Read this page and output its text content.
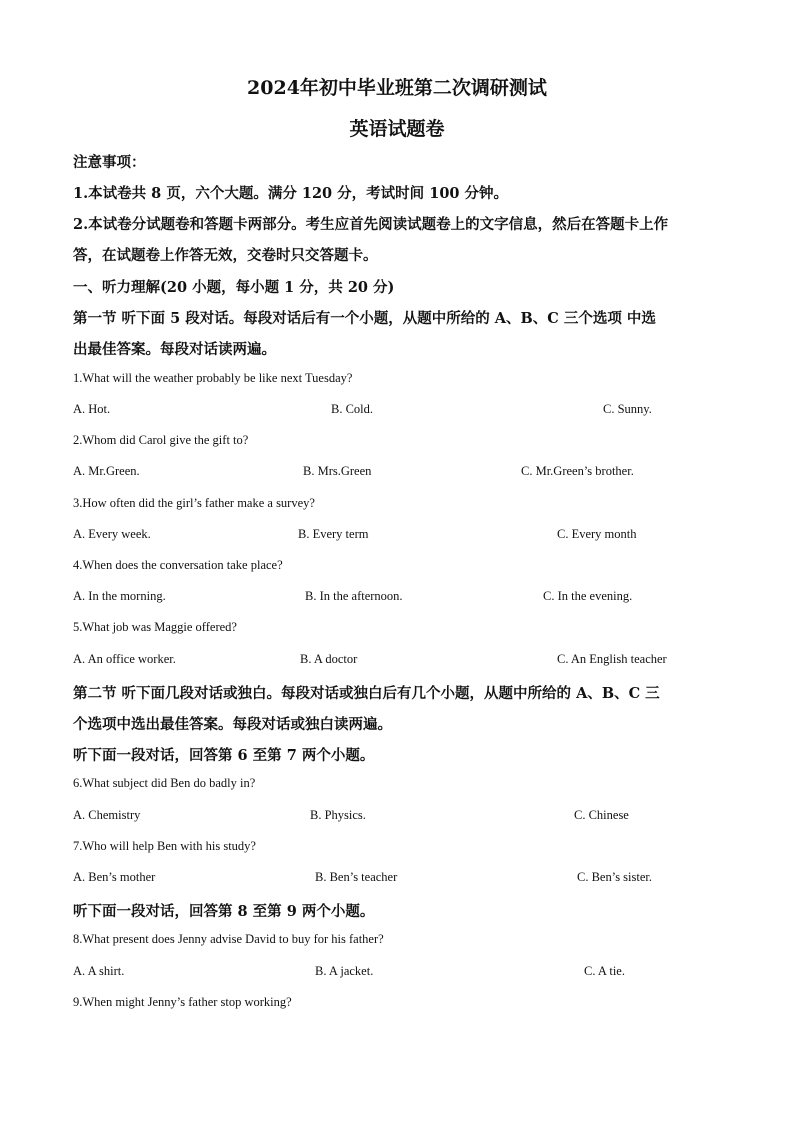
2024年初中毕业班第二次调研测试
英语试题卷
注意事项：
1.本试卷共 8 页，六个大题。满分 120 分，考试时间 100 分钟。
2.本试卷分试题卷和答题卡两部分。考生应首先阅读试题卷上的文字信息，然后在答题卡上作
答，在试题卷上作答无效，交卷时只交答题卡。
一、听力理解(20 小题，每小题 1 分，共 20 分)
第一节 听下面 5 段对话。每段对话后有一个小题，从题中所给的 A、B、C 三个选项 中选
出最佳答案。每段对话读两遍。
1.What will the weather probably be like next Tuesday?
A. Hot.	B. Cold.	C. Sunny.
2.Whom did Carol give the gift to?
A. Mr.Green.	B. Mrs.Green	C. Mr.Green’s brother.
3.How often did the girl’s father make a survey?
A. Every week.	B. Every term	C. Every month
4.When does the conversation take place?
A. In the morning.	B. In the afternoon.	C. In the evening.
5.What job was Maggie offered?
A. An office worker.	B. A doctor	C. An English teacher
第二节 听下面几段对话或独白。每段对话或独白后有几个小题，从题中所给的 A、B、C 三
个选项中选出最佳答案。每段对话或独白读两遍。
听下面一段对话，回答第 6 至第 7 两个小题。
6.What subject did Ben do badly in?
A. Chemistry	B. Physics.	C. Chinese
7.Who will help Ben with his study?
A. Ben’s mother	B. Ben’s teacher	C. Ben’s sister.
听下面一段对话，回答第 8 至第 9 两个小题。
8.What present does Jenny advise David to buy for his father?
A. A shirt.	B. A jacket.	C. A tie.
9.When might Jenny’s father stop working?
